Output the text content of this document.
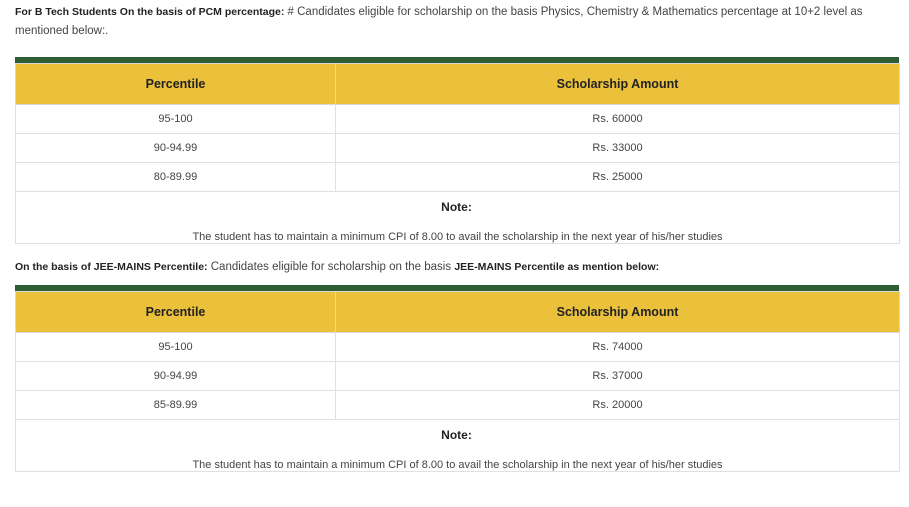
For B Tech Students On the basis of PCM percentage: # Candidates eligible for scholarship on the basis Physics, Chemistry & Mathematics percentage at 10+2 level as mentioned below:.

Percentile	Scholarship Amount
95-100	Rs. 60000
90-94.99	Rs. 33000
80-89.99	Rs. 25000

Note:
The student has to maintain a minimum CPI of 8.00 to avail the scholarship in the next year of his/her studies	

On the basis of JEE-MAINS Percentile: Candidates eligible for scholarship on the basis JEE-MAINS Percentile as mention below:

Percentile	Scholarship Amount
95-100	Rs. 74000
90-94.99	Rs. 37000
85-89.99	Rs. 20000

Note:
The student has to maintain a minimum CPI of 8.00 to avail the scholarship in the next year of his/her studies	
